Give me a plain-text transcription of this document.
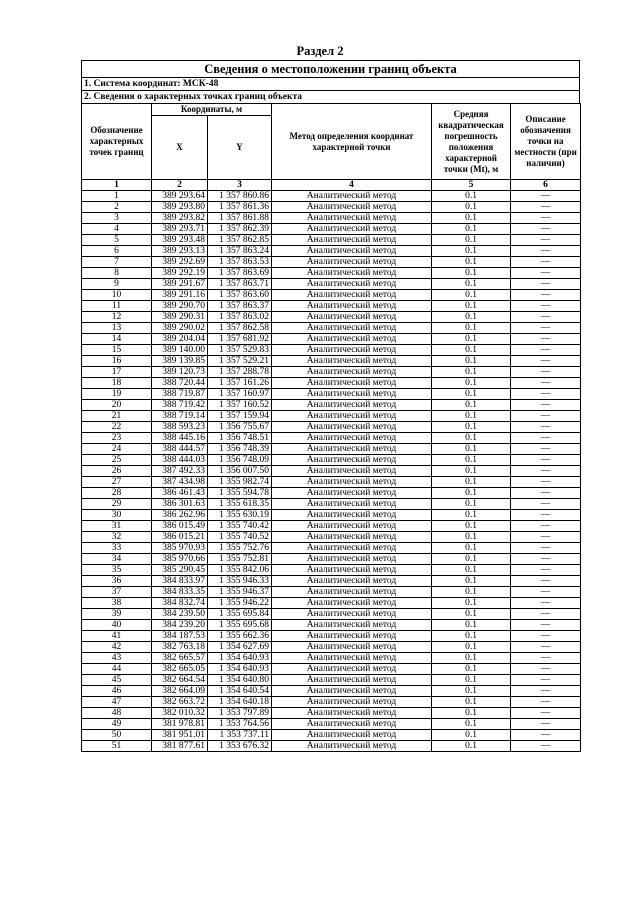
Раздел 2
Сведения о местоположении границ объекта
1. Система координат: МСК-48
2. Сведения о характерных точках границ объекта
Обозначение характерных точек границ	Координаты, м		Метод определения координат характерной точки	Средняя квадратическая погрешность положения характерной точки (Mt), м	Описание обозначения точки на местности (при наличии)
	X	Y			
1	2	3	4	5	6
1	389 293.64	1 357 860.86	Аналитический метод	0.1	—
2	389 293.80	1 357 861.36	Аналитический метод	0.1	—
3	389 293.82	1 357 861.88	Аналитический метод	0.1	—
4	389 293.71	1 357 862.39	Аналитический метод	0.1	—
5	389 293.48	1 357 862.85	Аналитический метод	0.1	—
6	389 293.13	1 357 863.24	Аналитический метод	0.1	—
7	389 292.69	1 357 863.53	Аналитический метод	0.1	—
8	389 292.19	1 357 863.69	Аналитический метод	0.1	—
9	389 291.67	1 357 863.71	Аналитический метод	0.1	—
10	389 291.16	1 357 863.60	Аналитический метод	0.1	—
11	389 290.70	1 357 863.37	Аналитический метод	0.1	—
12	389 290.31	1 357 863.02	Аналитический метод	0.1	—
13	389 290.02	1 357 862.58	Аналитический метод	0.1	—
14	389 204.04	1 357 681.92	Аналитический метод	0.1	—
15	389 140.00	1 357 529.83	Аналитический метод	0.1	—
16	389 139.85	1 357 529.21	Аналитический метод	0.1	—
17	389 120.73	1 357 288.78	Аналитический метод	0.1	—
18	388 720.44	1 357 161.26	Аналитический метод	0.1	—
19	388 719.87	1 357 160.97	Аналитический метод	0.1	—
20	388 719.42	1 357 160.52	Аналитический метод	0.1	—
21	388 719.14	1 357 159.94	Аналитический метод	0.1	—
22	388 593.23	1 356 755.67	Аналитический метод	0.1	—
23	388 445.16	1 356 748.51	Аналитический метод	0.1	—
24	388 444.57	1 356 748.39	Аналитический метод	0.1	—
25	388 444.03	1 356 748.09	Аналитический метод	0.1	—
26	387 492.33	1 356 007.50	Аналитический метод	0.1	—
27	387 434.98	1 355 982.74	Аналитический метод	0.1	—
28	386 461.43	1 355 594.78	Аналитический метод	0.1	—
29	386 301.63	1 355 618.35	Аналитический метод	0.1	—
30	386 262.96	1 355 630.19	Аналитический метод	0.1	—
31	386 015.49	1 355 740.42	Аналитический метод	0.1	—
32	386 015.21	1 355 740.52	Аналитический метод	0.1	—
33	385 970.93	1 355 752.76	Аналитический метод	0.1	—
34	385 970.66	1 355 752.81	Аналитический метод	0.1	—
35	385 290.45	1 355 842.06	Аналитический метод	0.1	—
36	384 833.97	1 355 946.33	Аналитический метод	0.1	—
37	384 833.35	1 355 946.37	Аналитический метод	0.1	—
38	384 832.74	1 355 946.22	Аналитический метод	0.1	—
39	384 239.50	1 355 695.84	Аналитический метод	0.1	—
40	384 239.20	1 355 695.68	Аналитический метод	0.1	—
41	384 187.53	1 355 662.36	Аналитический метод	0.1	—
42	382 763.18	1 354 627.69	Аналитический метод	0.1	—
43	382 665.57	1 354 640.93	Аналитический метод	0.1	—
44	382 665.05	1 354 640.93	Аналитический метод	0.1	—
45	382 664.54	1 354 640.80	Аналитический метод	0.1	—
46	382 664.09	1 354 640.54	Аналитический метод	0.1	—
47	382 663.72	1 354 640.18	Аналитический метод	0.1	—
48	382 010.32	1 353 797.89	Аналитический метод	0.1	—
49	381 978.81	1 353 764.56	Аналитический метод	0.1	—
50	381 951.01	1 353 737.11	Аналитический метод	0.1	—
51	381 877.61	1 353 676.32	Аналитический метод	0.1	—
